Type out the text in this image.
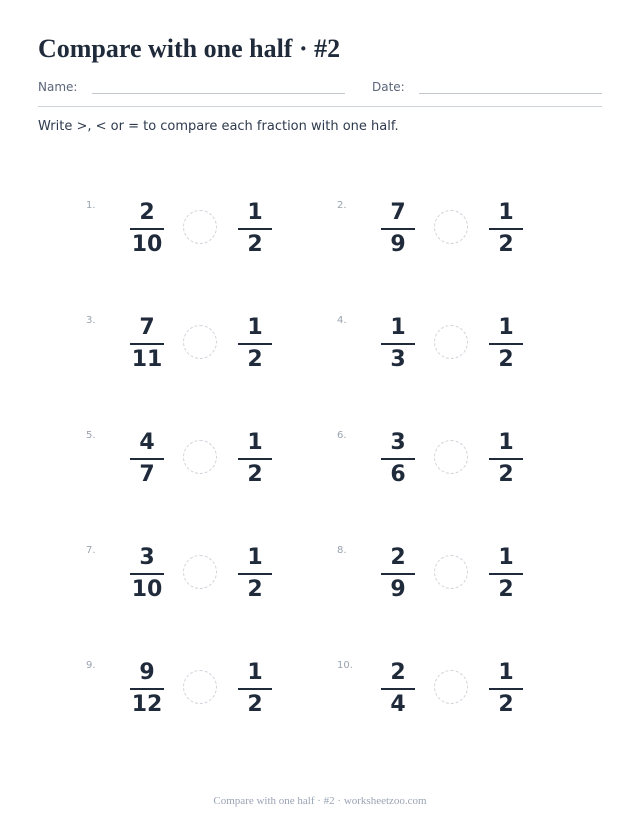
Compare with one half · #2
Name:	Date:
Write >, < or = to compare each fraction with one half.
1.	2
10
1
2
2.	7
9
1
2
3.	7
11
1
2
4.	1
3
1
2
5.	4
7
1
2
6.	3
6
1
2
7.	3
10
1
2
8.	2
9
1
2
9.	9
12
1
2
10.	2
4
1
2
Compare with one half · #2 · worksheetzoo.com
